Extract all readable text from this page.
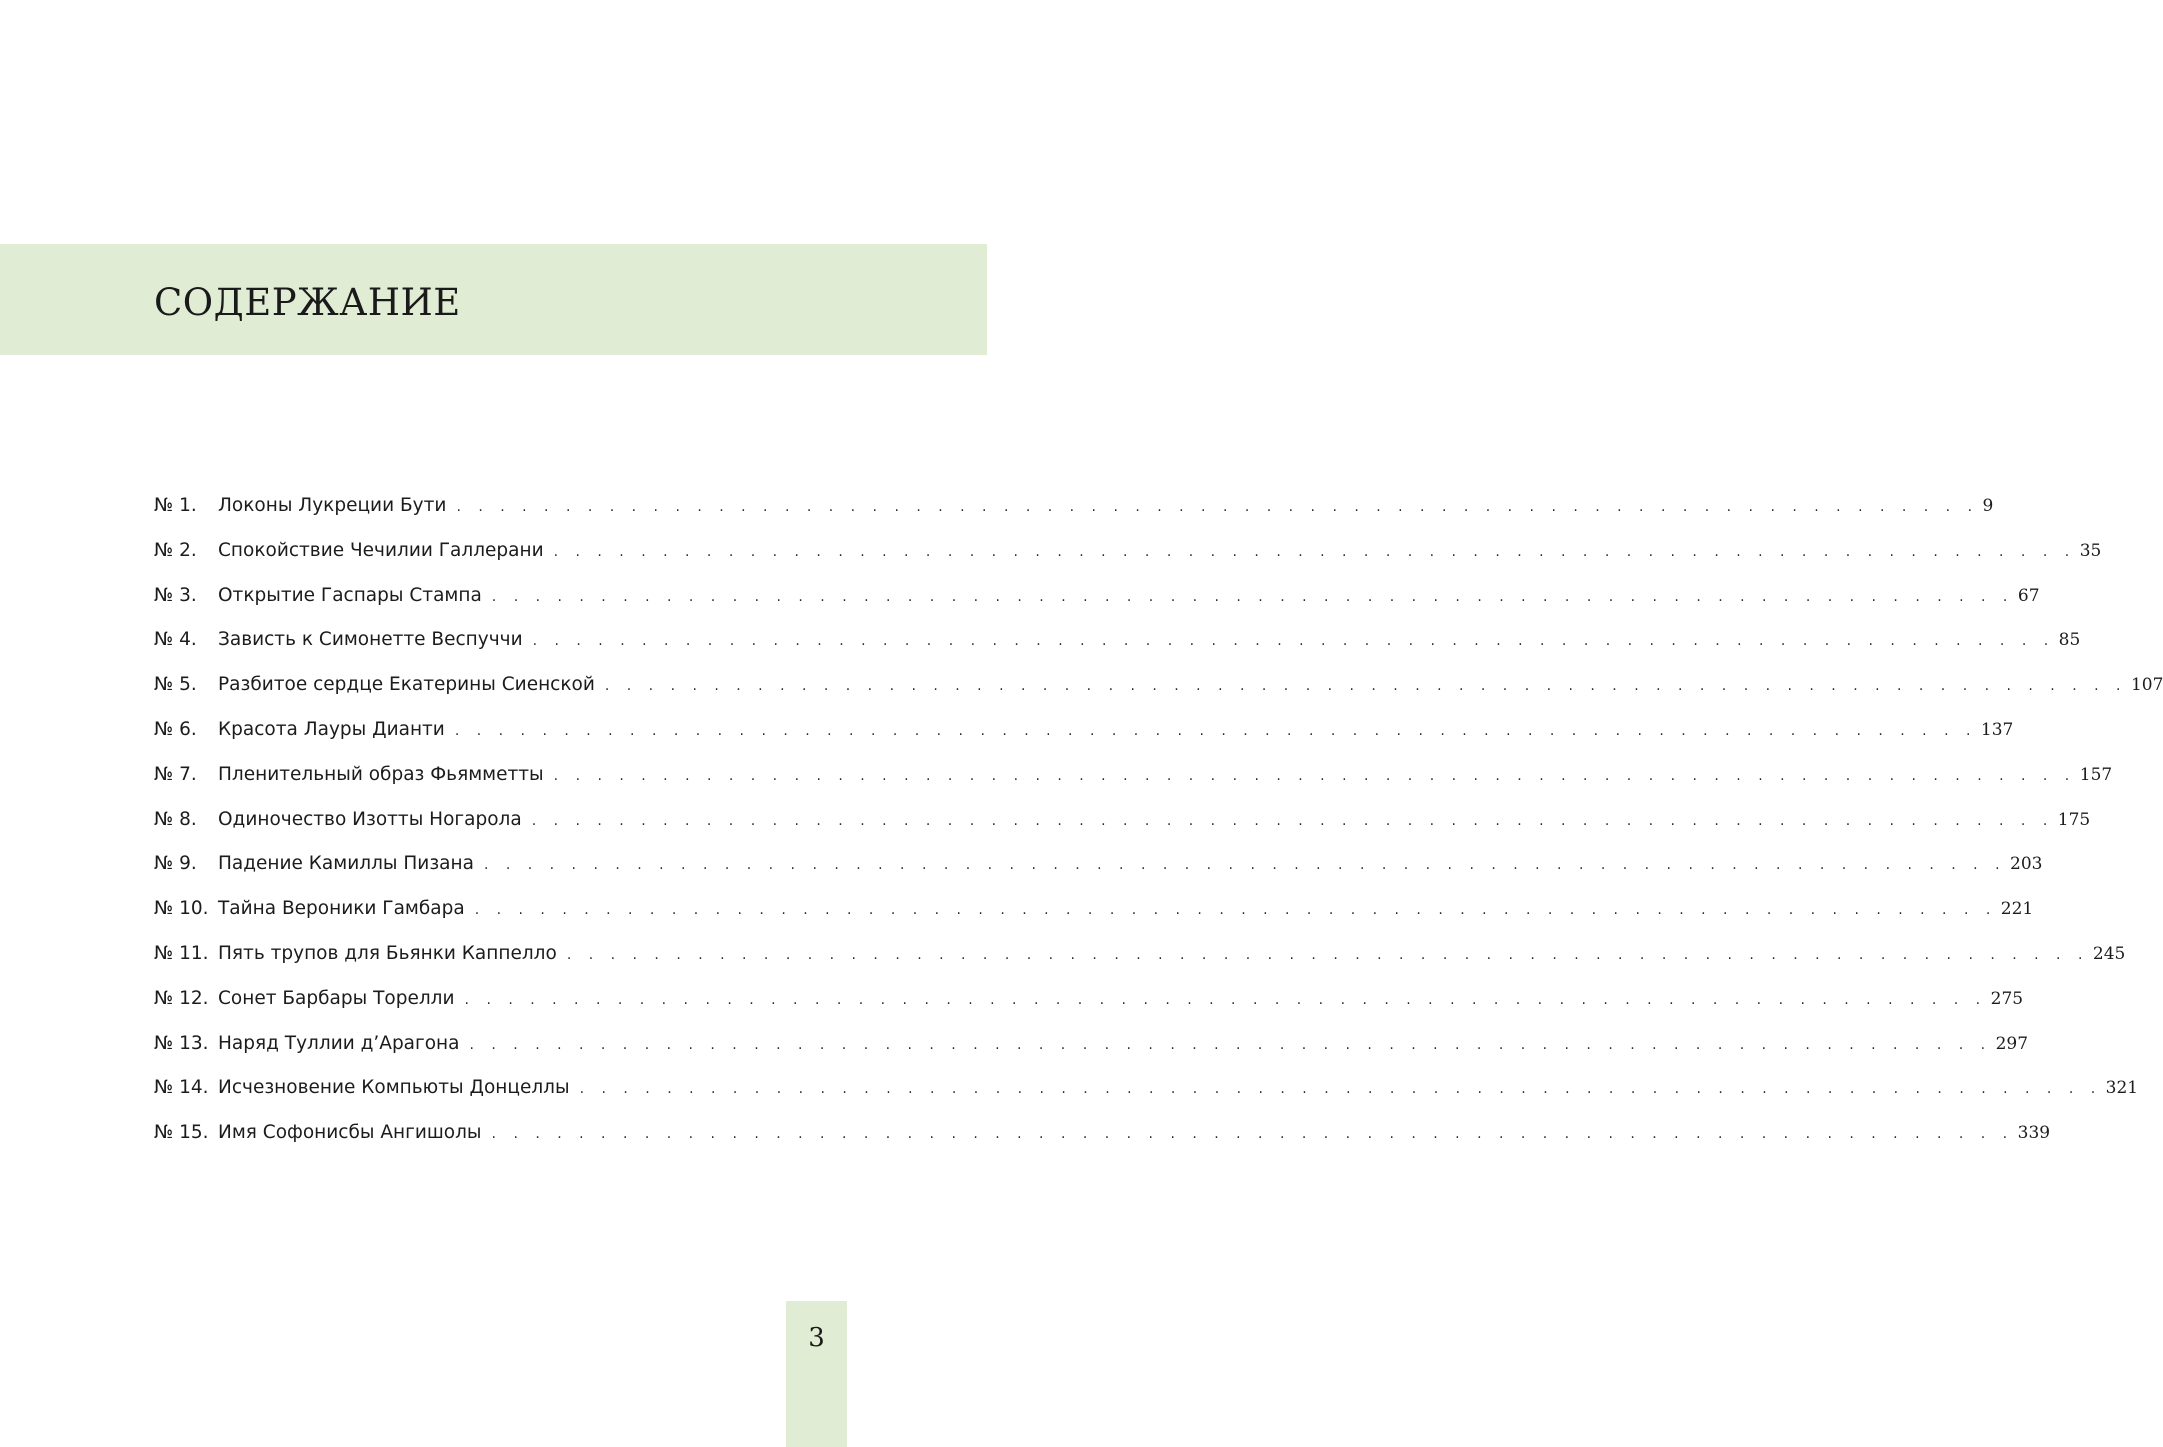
СОДЕРЖАНИЕ
№ 1.	Локоны Лукреции Бути . . . . . . . . . . . . . . . . . . . . . . . . . . . . . . . . . . . . . . . . . . . . . . . . . . . . . . . . . . . . . . . . . . . . . . 9
№ 2.	Спокойствие Чечилии Галлерани . . . . . . . . . . . . . . . . . . . . . . . . . . . . . . . . . . . . . . . . . . . . . . . . . . . . . . . . . . . . . . . . . . . . . . 35
№ 3.	Открытие Гаспары Стампа . . . . . . . . . . . . . . . . . . . . . . . . . . . . . . . . . . . . . . . . . . . . . . . . . . . . . . . . . . . . . . . . . . . . . . 67
№ 4.	Зависть к Симонетте Веспуччи . . . . . . . . . . . . . . . . . . . . . . . . . . . . . . . . . . . . . . . . . . . . . . . . . . . . . . . . . . . . . . . . . . . . . . 85
№ 5.	Разбитое сердце Екатерины Сиенской . . . . . . . . . . . . . . . . . . . . . . . . . . . . . . . . . . . . . . . . . . . . . . . . . . . . . . . . . . . . . . . . . . . . . . 107
№ 6.	Красота Лауры Дианти . . . . . . . . . . . . . . . . . . . . . . . . . . . . . . . . . . . . . . . . . . . . . . . . . . . . . . . . . . . . . . . . . . . . . . 137
№ 7.	Пленительный образ Фьямметты . . . . . . . . . . . . . . . . . . . . . . . . . . . . . . . . . . . . . . . . . . . . . . . . . . . . . . . . . . . . . . . . . . . . . . 157
№ 8.	Одиночество Изотты Ногарола . . . . . . . . . . . . . . . . . . . . . . . . . . . . . . . . . . . . . . . . . . . . . . . . . . . . . . . . . . . . . . . . . . . . . . 175
№ 9.	Падение Камиллы Пизана . . . . . . . . . . . . . . . . . . . . . . . . . . . . . . . . . . . . . . . . . . . . . . . . . . . . . . . . . . . . . . . . . . . . . . 203
№ 10. Тайна Вероники Гамбара . . . . . . . . . . . . . . . . . . . . . . . . . . . . . . . . . . . . . . . . . . . . . . . . . . . . . . . . . . . . . . . . . . . . . . 221
№ 11. Пять трупов для Бьянки Каппелло . . . . . . . . . . . . . . . . . . . . . . . . . . . . . . . . . . . . . . . . . . . . . . . . . . . . . . . . . . . . . . . . . . . . . . 245
№ 12. Сонет Барбары Торелли . . . . . . . . . . . . . . . . . . . . . . . . . . . . . . . . . . . . . . . . . . . . . . . . . . . . . . . . . . . . . . . . . . . . . . 275
№ 13. Наряд Туллии д’Арагона . . . . . . . . . . . . . . . . . . . . . . . . . . . . . . . . . . . . . . . . . . . . . . . . . . . . . . . . . . . . . . . . . . . . . . 297
№ 14. Исчезновение Компьюты Донцеллы . . . . . . . . . . . . . . . . . . . . . . . . . . . . . . . . . . . . . . . . . . . . . . . . . . . . . . . . . . . . . . . . . . . . . . 321
№ 15. Имя Софонисбы Ангишолы . . . . . . . . . . . . . . . . . . . . . . . . . . . . . . . . . . . . . . . . . . . . . . . . . . . . . . . . . . . . . . . . . . . . . . 339
3
